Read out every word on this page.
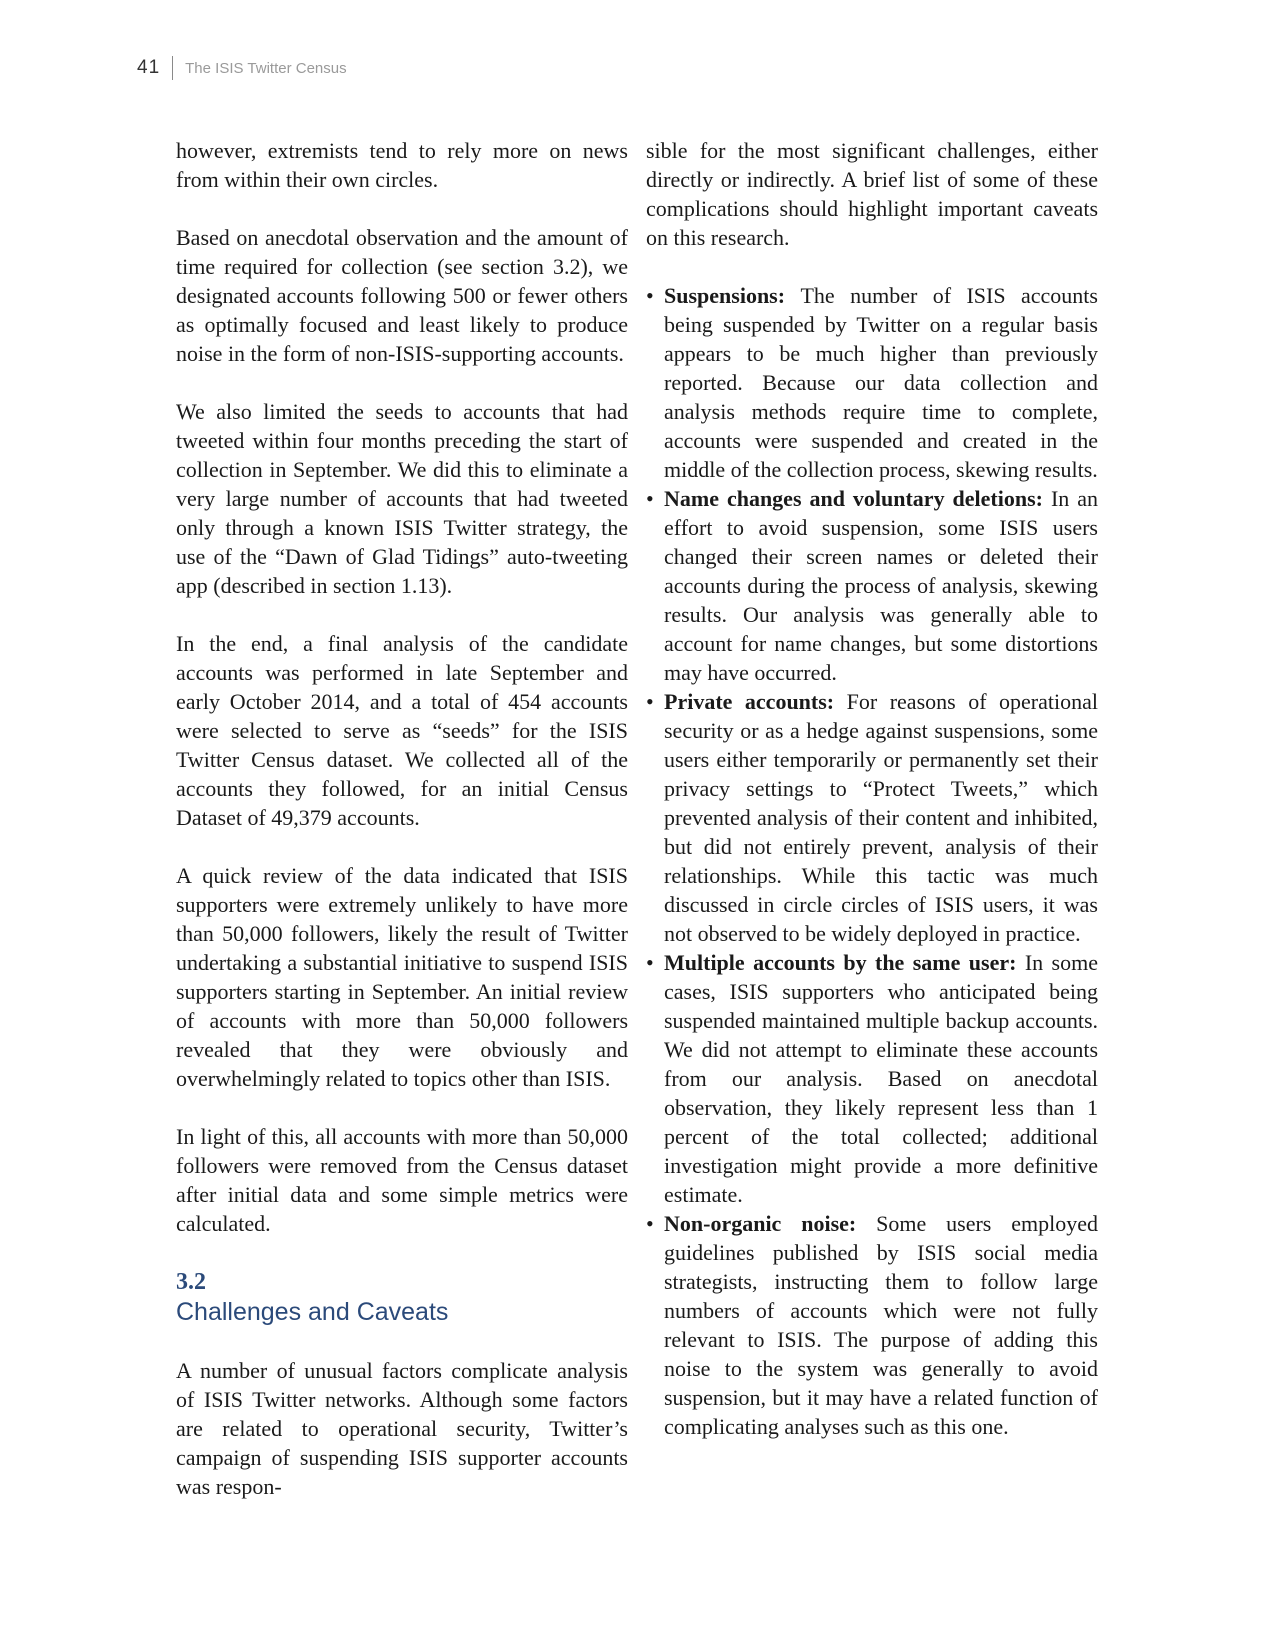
41 The ISIS Twitter Census

however, extremists tend to rely more on news from within their own circles.

Based on anecdotal observation and the amount of time required for collection (see section 3.2), we designated accounts following 500 or fewer others as optimally focused and least likely to produce noise in the form of non-ISIS-supporting accounts.

We also limited the seeds to accounts that had tweeted within four months preceding the start of collection in September. We did this to eliminate a very large number of accounts that had tweeted only through a known ISIS Twitter strategy, the use of the “Dawn of Glad Tidings” auto-tweeting app (described in section 1.13).

In the end, a final analysis of the candidate accounts was performed in late September and early October 2014, and a total of 454 accounts were selected to serve as “seeds” for the ISIS Twitter Census dataset. We collected all of the accounts they followed, for an initial Census Dataset of 49,379 accounts.

A quick review of the data indicated that ISIS supporters were extremely unlikely to have more than 50,000 followers, likely the result of Twitter undertaking a substantial initiative to suspend ISIS supporters starting in September. An initial review of accounts with more than 50,000 followers revealed that they were obviously and overwhelmingly related to topics other than ISIS.

In light of this, all accounts with more than 50,000 followers were removed from the Census dataset after initial data and some simple metrics were calculated.

3.2
Challenges and Caveats

A number of unusual factors complicate analysis of ISIS Twitter networks. Although some factors are related to operational security, Twitter’s campaign of suspending ISIS supporter accounts was respon-

sible for the most significant challenges, either directly or indirectly. A brief list of some of these complications should highlight important caveats on this research.

• Suspensions: The number of ISIS accounts being suspended by Twitter on a regular basis appears to be much higher than previously reported. Because our data collection and analysis methods require time to complete, accounts were suspended and created in the middle of the collection process, skewing results.
• Name changes and voluntary deletions: In an effort to avoid suspension, some ISIS users changed their screen names or deleted their accounts during the process of analysis, skewing results. Our analysis was generally able to account for name changes, but some distortions may have occurred.
• Private accounts: For reasons of operational security or as a hedge against suspensions, some users either temporarily or permanently set their privacy settings to “Protect Tweets,” which prevented analysis of their content and inhibited, but did not entirely prevent, analysis of their relationships. While this tactic was much discussed in circle circles of ISIS users, it was not observed to be widely deployed in practice.
• Multiple accounts by the same user: In some cases, ISIS supporters who anticipated being suspended maintained multiple backup accounts. We did not attempt to eliminate these accounts from our analysis. Based on anecdotal observation, they likely represent less than 1 percent of the total collected; additional investigation might provide a more definitive estimate.
• Non-organic noise: Some users employed guidelines published by ISIS social media strategists, instructing them to follow large numbers of accounts which were not fully relevant to ISIS. The purpose of adding this noise to the system was generally to avoid suspension, but it may have a related function of complicating analyses such as this one.
